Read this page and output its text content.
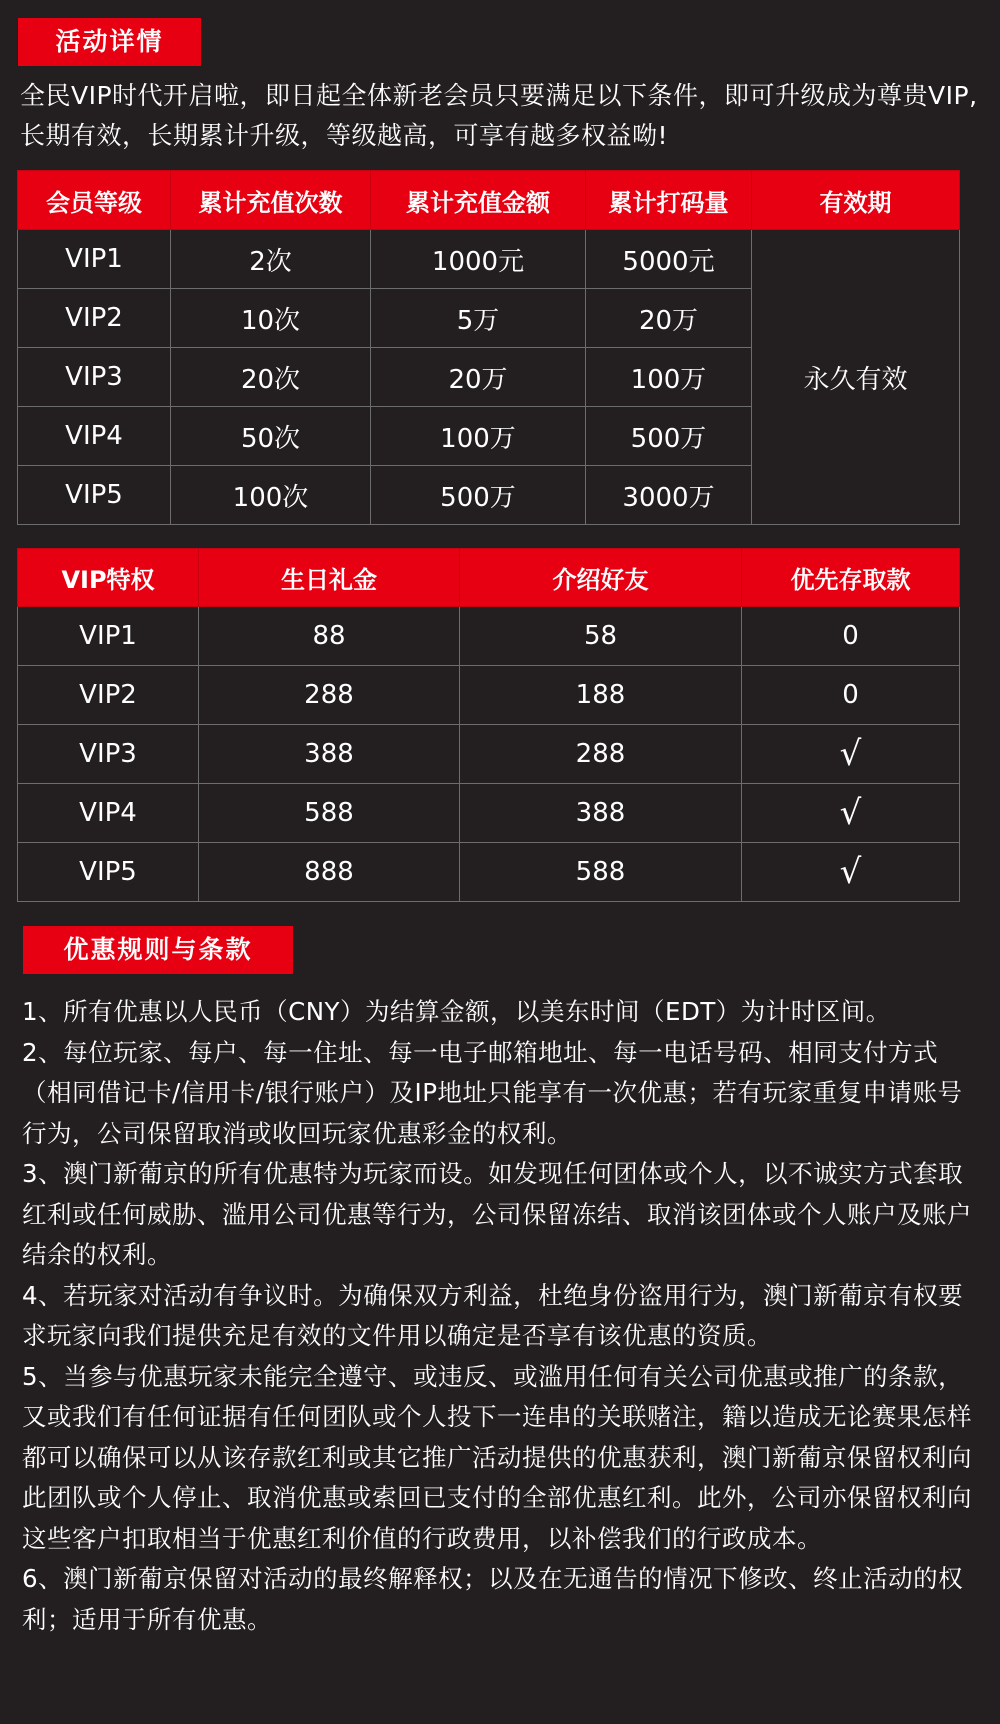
活动详情
全民VIP时代开启啦，即日起全体新老会员只要满足以下条件，即可升级成为尊贵VIP,长期有效，长期累计升级，等级越高，可享有越多权益呦!
会员等级	累计充值次数	累计充值金额	累计打码量	有效期
VIP1	2次	1000元	5000元	永久有效
VIP2	10次	5万	20万	
VIP3	20次	20万	100万	
VIP4	50次	100万	500万	
VIP5	100次	500万	3000万	
VIP特权	生日礼金	介绍好友	优先存取款
VIP1	88	58	0
VIP2	288	188	0
VIP3	388	288	√
VIP4	588	388	√
VIP5	888	588	√
优惠规则与条款

1、所有优惠以人民币（CNY）为结算金额，以美东时间（EDT）为计时区间。

2、每位玩家、每户、每一住址、每一电子邮箱地址、每一电话号码、相同支付方式（相同借记卡/信用卡/银行账户）及IP地址只能享有一次优惠；若有玩家重复申请账号行为，公司保留取消或收回玩家优惠彩金的权利。

3、澳门新葡京的所有优惠特为玩家而设。如发现任何团体或个人，以不诚实方式套取红利或任何威胁、滥用公司优惠等行为，公司保留冻结、取消该团体或个人账户及账户结余的权利。

4、若玩家对活动有争议时。为确保双方利益，杜绝身份盗用行为，澳门新葡京有权要求玩家向我们提供充足有效的文件用以确定是否享有该优惠的资质。

5、当参与优惠玩家未能完全遵守、或违反、或滥用任何有关公司优惠或推广的条款，又或我们有任何证据有任何团队或个人投下一连串的关联赌注，籍以造成无论赛果怎样都可以确保可以从该存款红利或其它推广活动提供的优惠获利，澳门新葡京保留权利向此团队或个人停止、取消优惠或索回已支付的全部优惠红利。此外，公司亦保留权利向这些客户扣取相当于优惠红利价值的行政费用，以补偿我们的行政成本。

6、澳门新葡京保留对活动的最终解释权；以及在无通告的情况下修改、终止活动的权利；适用于所有优惠。
